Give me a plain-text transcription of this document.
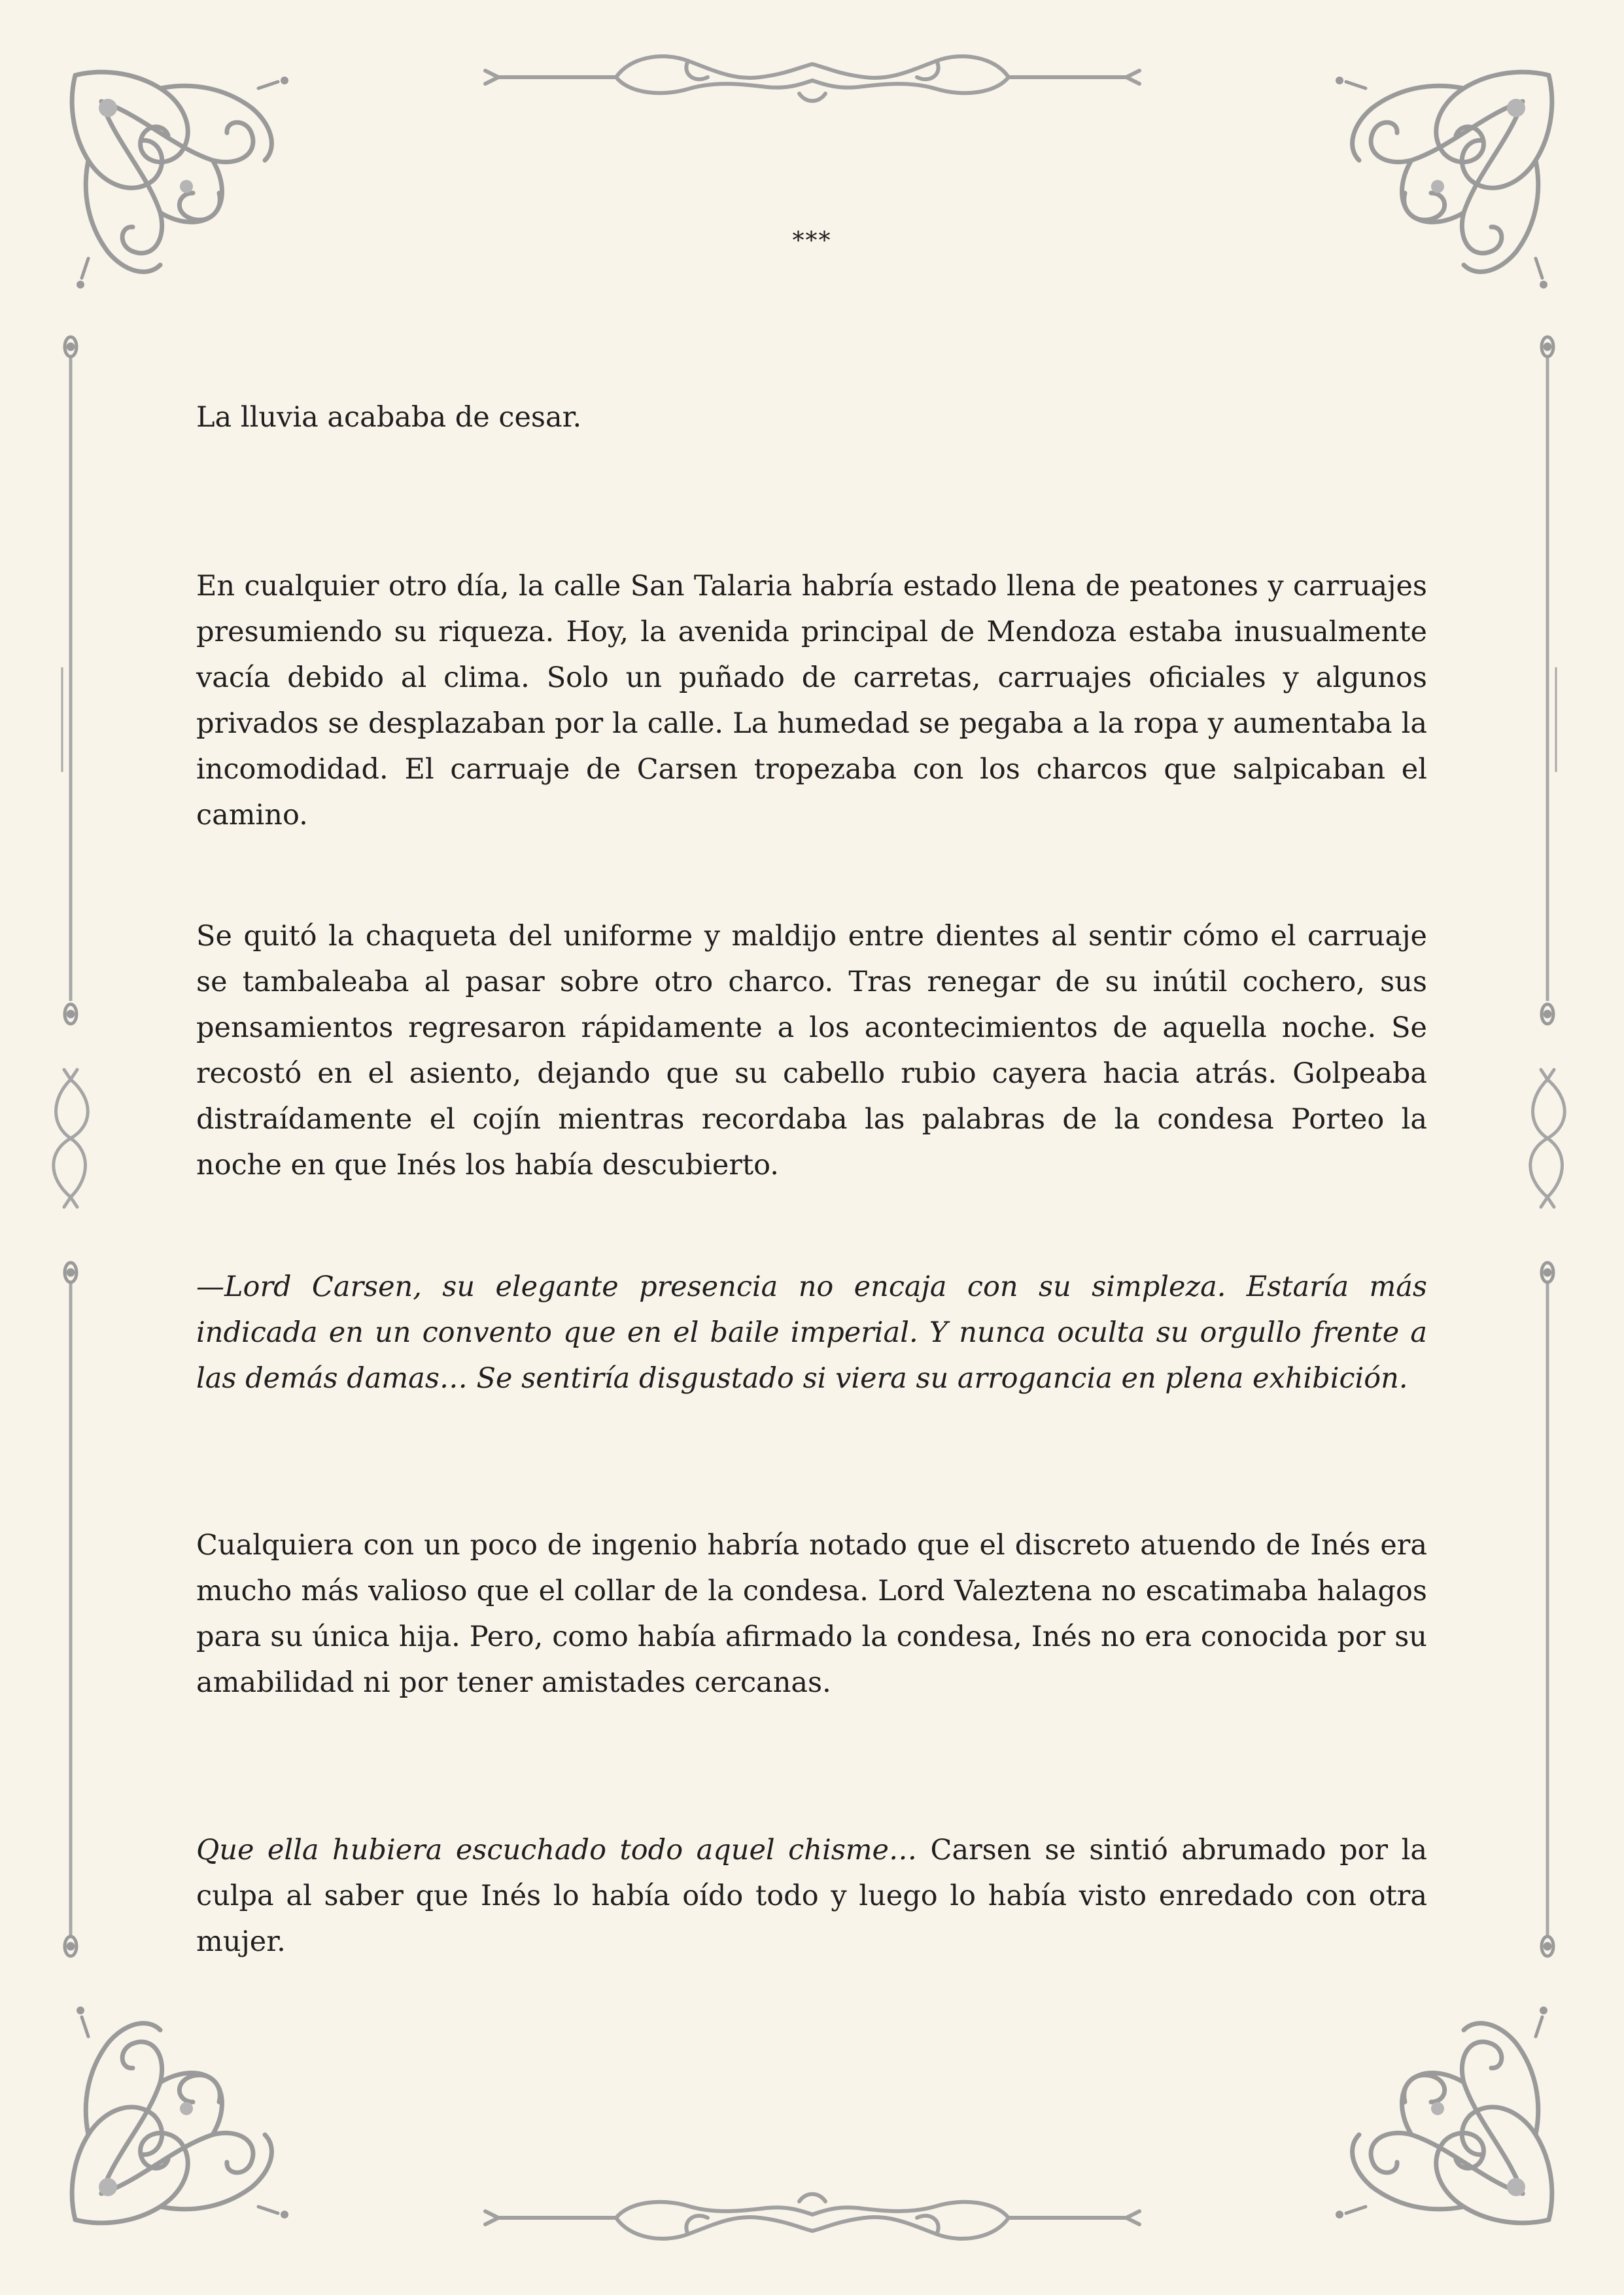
***

La lluvia acababa de cesar.

En cualquier otro día, la calle San Talaria habría estado llena de peatones y carruajes presumiendo su riqueza. Hoy, la avenida principal de Mendoza estaba inusualmente vacía debido al clima. Solo un puñado de carretas, carruajes oficiales y algunos privados se desplazaban por la calle. La humedad se pegaba a la ropa y aumentaba la incomodidad. El carruaje de Carsen tropezaba con los charcos que salpicaban el camino.

Se quitó la chaqueta del uniforme y maldijo entre dientes al sentir cómo el carruaje se tambaleaba al pasar sobre otro charco. Tras renegar de su inútil cochero, sus pensamientos regresaron rápidamente a los acontecimientos de aquella noche. Se recostó en el asiento, dejando que su cabello rubio cayera hacia atrás. Golpeaba distraídamente el cojín mientras recordaba las palabras de la condesa Porteo la noche en que Inés los había descubierto.

—Lord Carsen, su elegante presencia no encaja con su simpleza. Estaría más indicada en un convento que en el baile imperial. Y nunca oculta su orgullo frente a las demás damas… Se sentiría disgustado si viera su arrogancia en plena exhibición.

Cualquiera con un poco de ingenio habría notado que el discreto atuendo de Inés era mucho más valioso que el collar de la condesa. Lord Valeztena no escatimaba halagos para su única hija. Pero, como había afirmado la condesa, Inés no era conocida por su amabilidad ni por tener amistades cercanas.

Que ella hubiera escuchado todo aquel chisme… Carsen se sintió abrumado por la culpa al saber que Inés lo había oído todo y luego lo había visto enredado con otra mujer.
